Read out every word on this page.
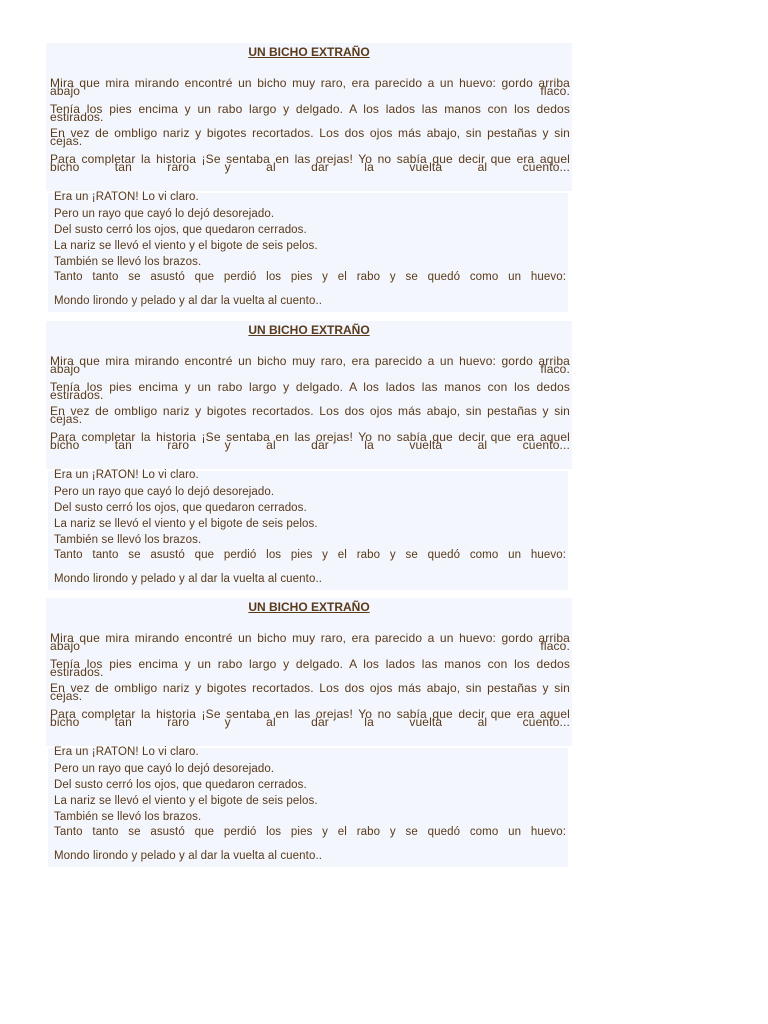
UN BICHO EXTRAÑO

Mira que mira mirando encontré un bicho muy raro, era parecido a un huevo: gordo arriba abajo flaco.

Tenía los pies encima y un rabo largo y delgado. A los lados las manos con los dedos estirados.

En vez de ombligo nariz y bigotes recortados. Los dos ojos más abajo, sin pestañas y sin cejas.

Para completar la historia ¡Se sentaba en las orejas! Yo no sabía que decir que era aquel bicho tan raro y al dar la vuelta al cuento...

Era un ¡RATON! Lo vi claro.

Pero un rayo que cayó lo dejó desorejado.

Del susto cerró los ojos, que quedaron cerrados.

La nariz se llevó el viento y el bigote de seis pelos.

También se llevó los brazos.

Tanto tanto se asustó que perdió los pies y el rabo y se quedó como un huevo:

Mondo lirondo y pelado y al dar la vuelta al cuento..

UN BICHO EXTRAÑO

Mira que mira mirando encontré un bicho muy raro, era parecido a un huevo: gordo arriba abajo flaco.

Tenía los pies encima y un rabo largo y delgado. A los lados las manos con los dedos estirados.

En vez de ombligo nariz y bigotes recortados. Los dos ojos más abajo, sin pestañas y sin cejas.

Para completar la historia ¡Se sentaba en las orejas! Yo no sabía que decir que era aquel bicho tan raro y al dar la vuelta al cuento...

Era un ¡RATON! Lo vi claro.

Pero un rayo que cayó lo dejó desorejado.

Del susto cerró los ojos, que quedaron cerrados.

La nariz se llevó el viento y el bigote de seis pelos.

También se llevó los brazos.

Tanto tanto se asustó que perdió los pies y el rabo y se quedó como un huevo:

Mondo lirondo y pelado y al dar la vuelta al cuento..

UN BICHO EXTRAÑO

Mira que mira mirando encontré un bicho muy raro, era parecido a un huevo: gordo arriba abajo flaco.

Tenía los pies encima y un rabo largo y delgado. A los lados las manos con los dedos estirados.

En vez de ombligo nariz y bigotes recortados. Los dos ojos más abajo, sin pestañas y sin cejas.

Para completar la historia ¡Se sentaba en las orejas! Yo no sabía que decir que era aquel bicho tan raro y al dar la vuelta al cuento...

Era un ¡RATON! Lo vi claro.

Pero un rayo que cayó lo dejó desorejado.

Del susto cerró los ojos, que quedaron cerrados.

La nariz se llevó el viento y el bigote de seis pelos.

También se llevó los brazos.

Tanto tanto se asustó que perdió los pies y el rabo y se quedó como un huevo:

Mondo lirondo y pelado y al dar la vuelta al cuento..
